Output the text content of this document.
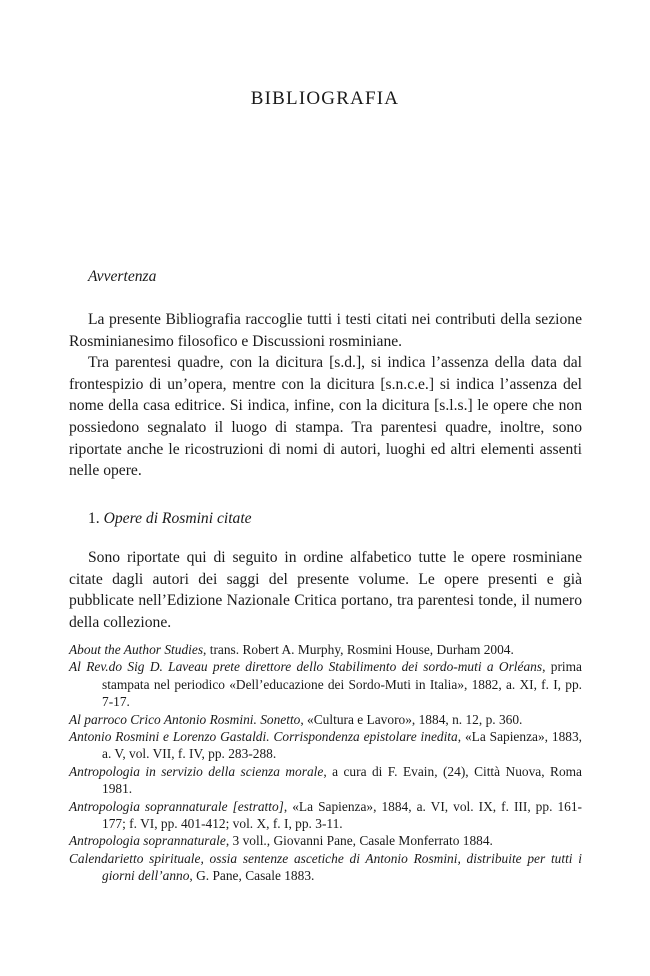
BIBLIOGRAFIA
Avvertenza

La presente Bibliografia raccoglie tutti i testi citati nei contributi della sezione Rosminianesimo filosofico e Discussioni rosminiane.

Tra parentesi quadre, con la dicitura [s.d.], si indica l’assenza della data dal frontespizio di un’opera, mentre con la dicitura [s.n.c.e.] si indica l’assenza del nome della casa editrice. Si indica, infine, con la dicitura [s.l.s.] le opere che non possiedono segnalato il luogo di stampa. Tra parentesi quadre, inoltre, sono riportate anche le ricostruzioni di nomi di autori, luoghi ed altri elementi assenti nelle opere.

1. Opere di Rosmini citate

Sono riportate qui di seguito in ordine alfabetico tutte le opere rosminiane citate dagli autori dei saggi del presente volume. Le opere presenti e già pubblicate nell’Edizione Nazionale Critica portano, tra parentesi tonde, il numero della collezione.

About the Author Studies, trans. Robert A. Murphy, Rosmini House, Durham 2004.
Al Rev.do Sig D. Laveau prete direttore dello Stabilimento dei sordo-muti a Orléans, prima stampata nel periodico «Dell’educazione dei Sordo-Muti in Italia», 1882, a. XI, f. I, pp. 7-17.
Al parroco Crico Antonio Rosmini. Sonetto, «Cultura e Lavoro», 1884, n. 12, p. 360.
Antonio Rosmini e Lorenzo Gastaldi. Corrispondenza epistolare inedita, «La Sapienza», 1883, a. V, vol. VII, f. IV, pp. 283-288.
Antropologia in servizio della scienza morale, a cura di F. Evain, (24), Città Nuova, Roma 1981.
Antropologia soprannaturale [estratto], «La Sapienza», 1884, a. VI, vol. IX, f. III, pp. 161-177; f. VI, pp. 401-412; vol. X, f. I, pp. 3-11.
Antropologia soprannaturale, 3 voll., Giovanni Pane, Casale Monferrato 1884.
Calendarietto spirituale, ossia sentenze ascetiche di Antonio Rosmini, distribuite per tutti i giorni dell’anno, G. Pane, Casale 1883.
